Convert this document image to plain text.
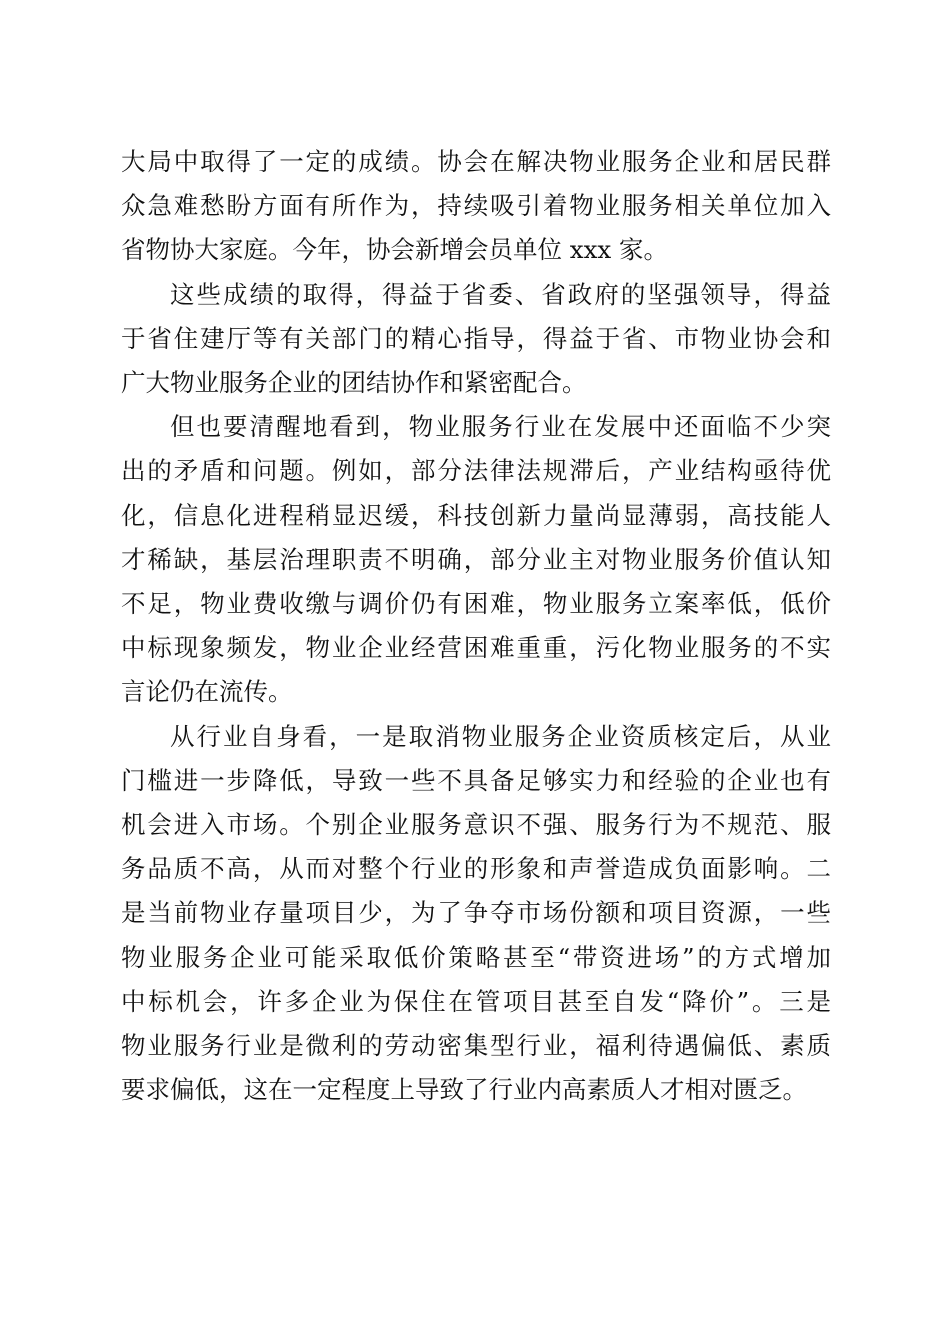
大局中取得了一定的成绩。协会在解决物业服务企业和居民群
众急难愁盼方面有所作为，持续吸引着物业服务相关单位加入
省物协大家庭。今年，协会新增会员单位 xxx 家。

这些成绩的取得，得益于省委、省政府的坚强领导，得益
于省住建厅等有关部门的精心指导，得益于省、市物业协会和
广大物业服务企业的团结协作和紧密配合。

但也要清醒地看到，物业服务行业在发展中还面临不少突
出的矛盾和问题。例如，部分法律法规滞后，产业结构亟待优
化，信息化进程稍显迟缓，科技创新力量尚显薄弱，高技能人
才稀缺，基层治理职责不明确，部分业主对物业服务价值认知
不足，物业费收缴与调价仍有困难，物业服务立案率低，低价
中标现象频发，物业企业经营困难重重，污化物业服务的不实
言论仍在流传。

从行业自身看，一是取消物业服务企业资质核定后，从业
门槛进一步降低，导致一些不具备足够实力和经验的企业也有
机会进入市场。个别企业服务意识不强、服务行为不规范、服
务品质不高，从而对整个行业的形象和声誉造成负面影响。二
是当前物业存量项目少，为了争夺市场份额和项目资源，一些
物业服务企业可能采取低价策略甚至“带资进场”的方式增加
中标机会，许多企业为保住在管项目甚至自发“降价”。三是
物业服务行业是微利的劳动密集型行业，福利待遇偏低、素质
要求偏低，这在一定程度上导致了行业内高素质人才相对匮乏。
